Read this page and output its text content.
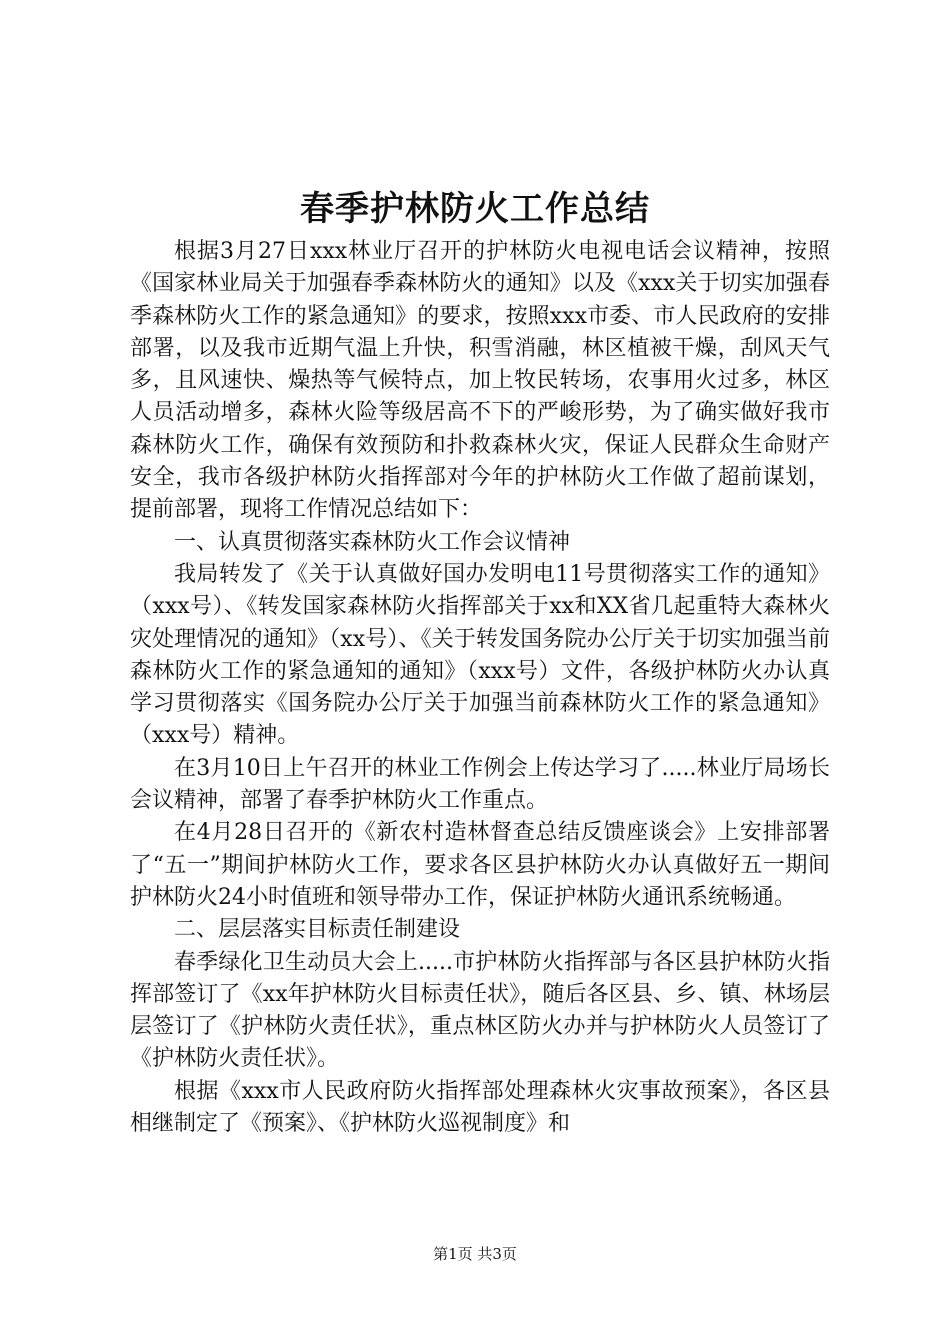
春季护林防火工作总结

根据3月27日xxx林业厅召开的护林防火电视电话会议精神，按照《国家林业局关于加强春季森林防火的通知》以及《xxx关于切实加强春季森林防火工作的紧急通知》的要求，按照xxx市委、市人民政府的安排部署，以及我市近期气温上升快，积雪消融，林区植被干燥，刮风天气多，且风速快、燥热等气候特点，加上牧民转场，农事用火过多，林区人员活动增多，森林火险等级居高不下的严峻形势，为了确实做好我市森林防火工作，确保有效预防和扑救森林火灾，保证人民群众生命财产安全，我市各级护林防火指挥部对今年的护林防火工作做了超前谋划，提前部署，现将工作情况总结如下：

一、认真贯彻落实森林防火工作会议情神

我局转发了《关于认真做好国办发明电11号贯彻落实工作的通知》（xxx号）、《转发国家森林防火指挥部关于xx和XX省几起重特大森林火灾处理情况的通知》（xx号）、《关于转发国务院办公厅关于切实加强当前森林防火工作的紧急通知的通知》（xxx号）文件，各级护林防火办认真学习贯彻落实《国务院办公厅关于加强当前森林防火工作的紧急通知》（xxx号）精神。

在3月10日上午召开的林业工作例会上传达学习了.....林业厅局场长会议精神，部署了春季护林防火工作重点。

在4月28日召开的《新农村造林督查总结反馈座谈会》上安排部署了“五一”期间护林防火工作，要求各区县护林防火办认真做好五一期间护林防火24小时值班和领导带办工作，保证护林防火通讯系统畅通。

二、层层落实目标责任制建设

春季绿化卫生动员大会上.....市护林防火指挥部与各区县护林防火指挥部签订了《xx年护林防火目标责任状》，随后各区县、乡、镇、林场层层签订了《护林防火责任状》，重点林区防火办并与护林防火人员签订了《护林防火责任状》。

根据《xxx市人民政府防火指挥部处理森林火灾事故预案》，各区县相继制定了《预案》、《护林防火巡视制度》和

第1页 共3页
